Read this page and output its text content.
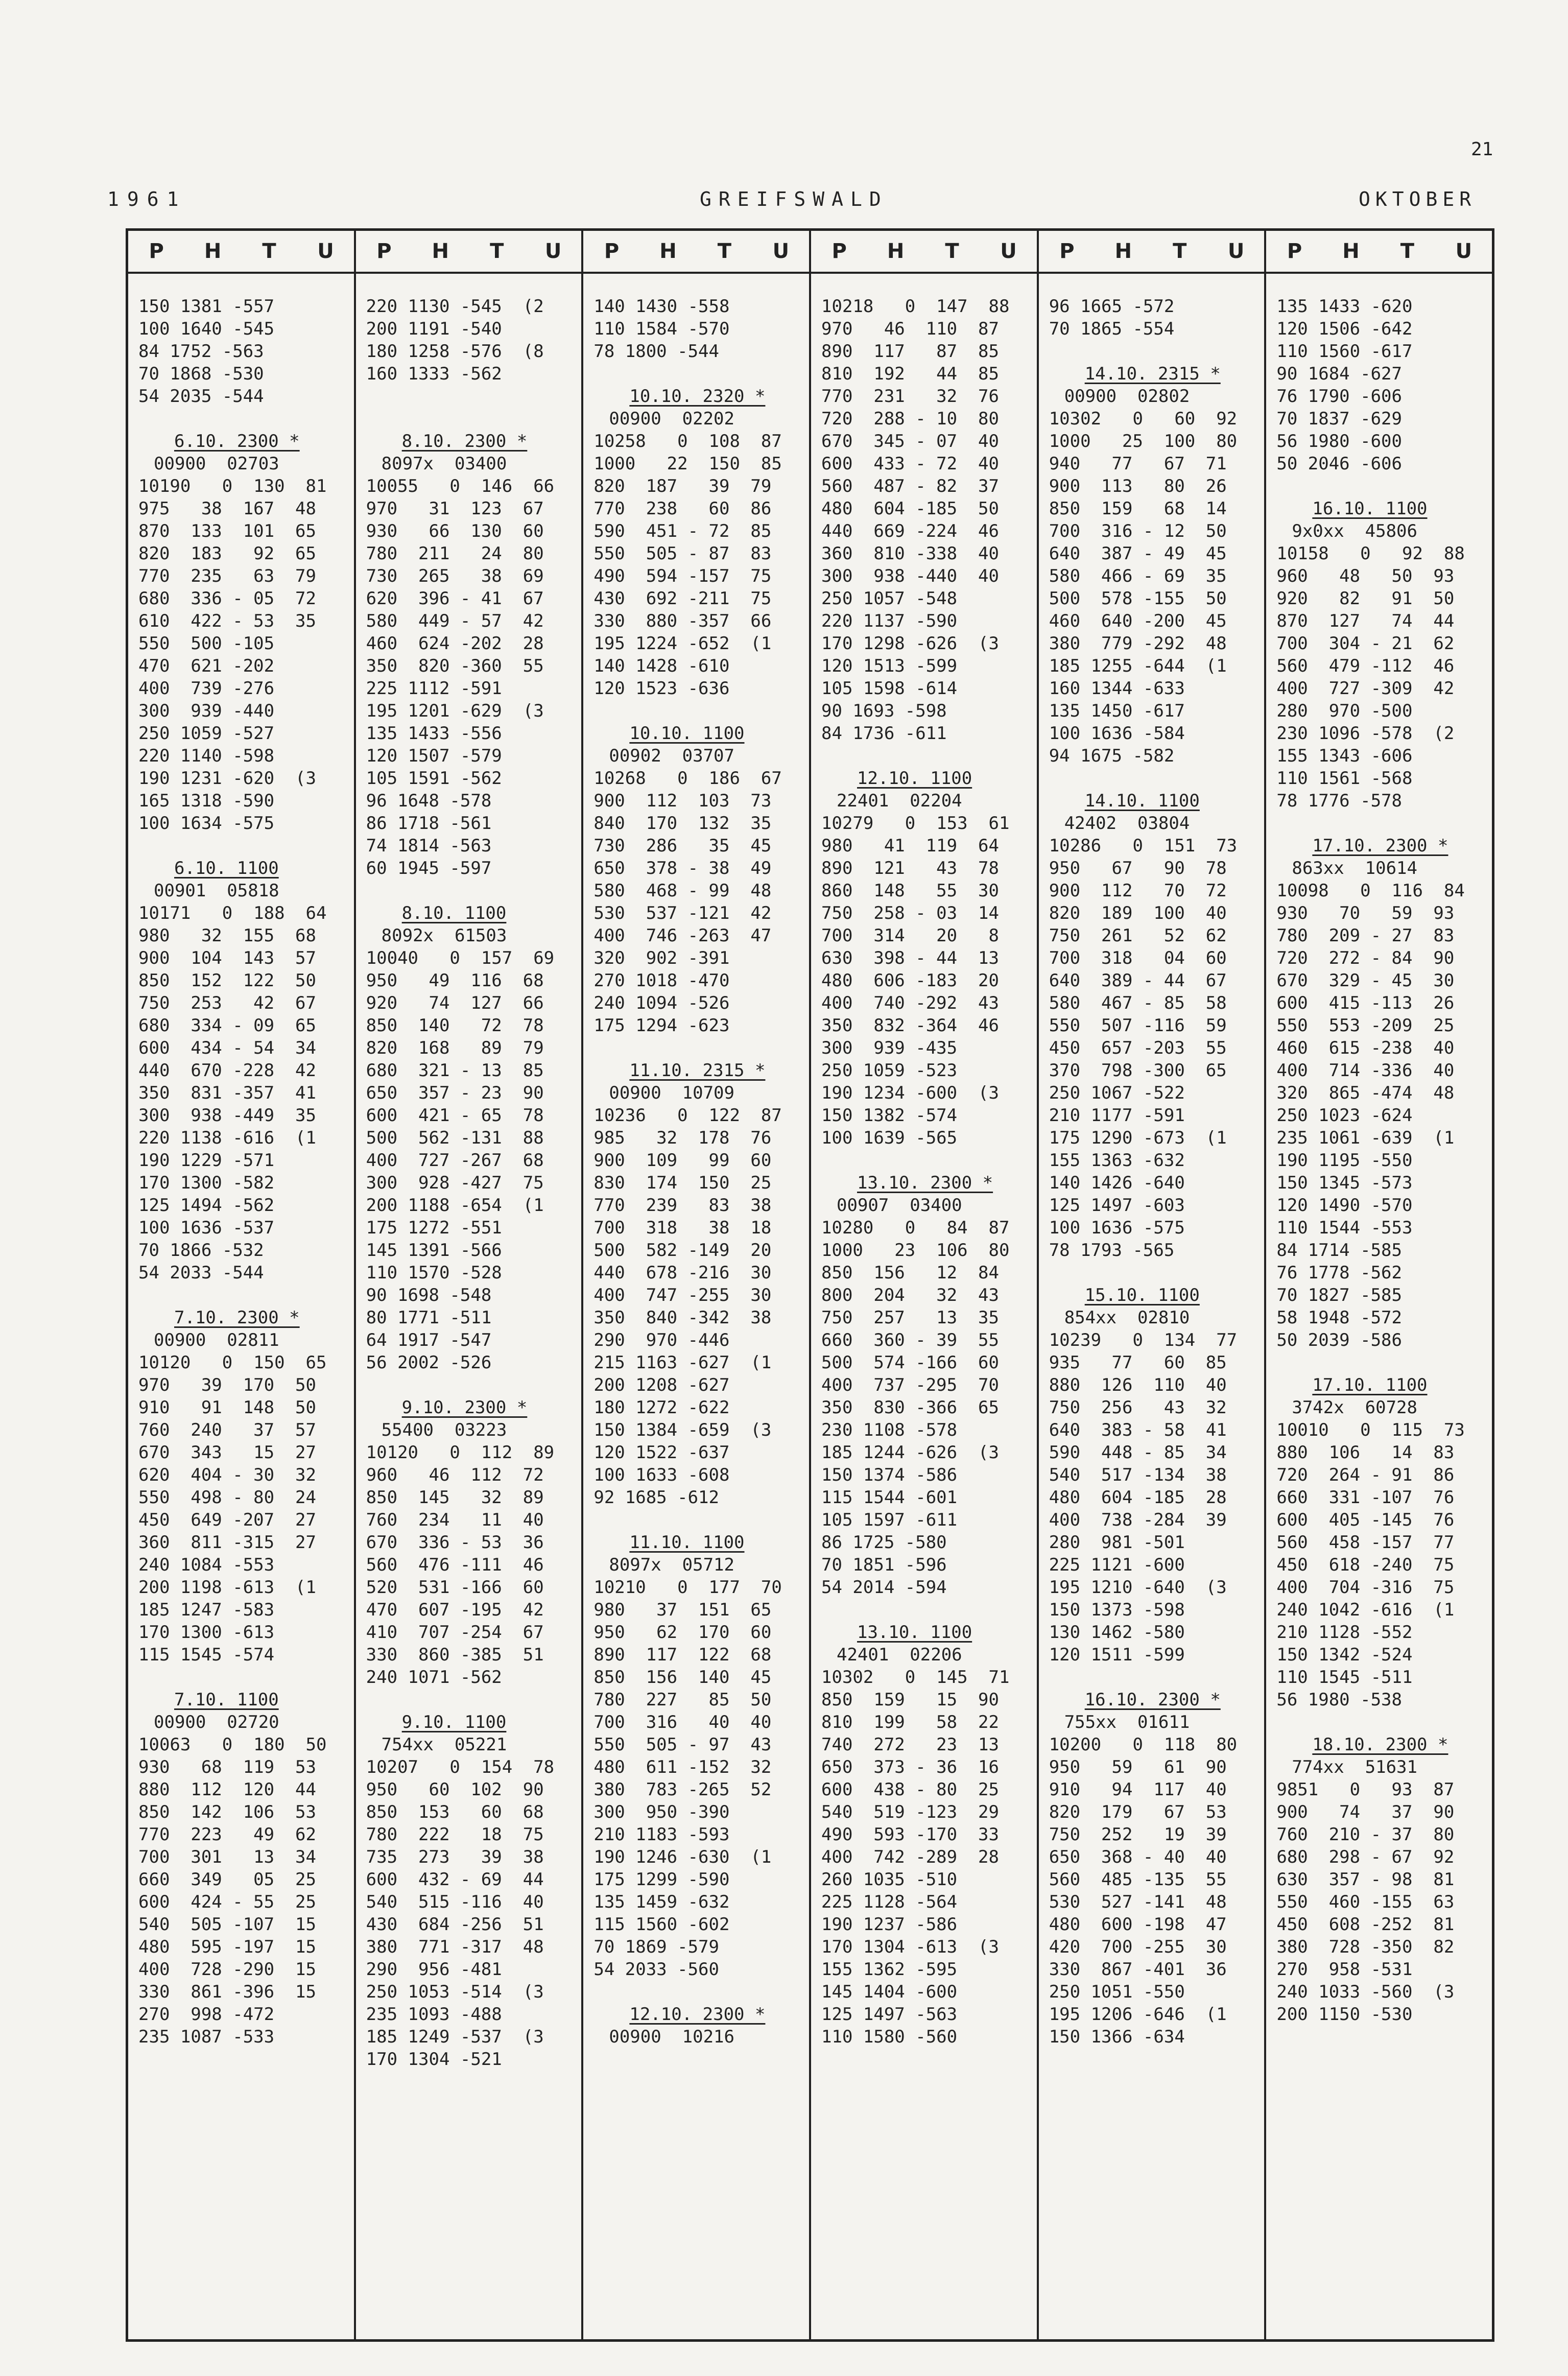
21
1961	GREIFSWALD	OKTOBER
P	H	T	U
150 1381 -557
100 1640 -545
84 1752 -563
70 1868 -530
54 2035 -544
6.10. 2300 *
00900  02703
10190   0  130  81
975   38  167  48
870  133  101  65
820  183   92  65
770  235   63  79
680  336 - 05  72
610  422 - 53  35
550  500 -105
470  621 -202
400  739 -276
300  939 -440
250 1059 -527
220 1140 -598
190 1231 -620  (3
165 1318 -590
100 1634 -575
6.10. 1100
00901  05818
10171   0  188  64
980   32  155  68
900  104  143  57
850  152  122  50
750  253   42  67
680  334 - 09  65
600  434 - 54  34
440  670 -228  42
350  831 -357  41
300  938 -449  35
220 1138 -616  (1
190 1229 -571
170 1300 -582
125 1494 -562
100 1636 -537
70 1866 -532
54 2033 -544
7.10. 2300 *
00900  02811
10120   0  150  65
970   39  170  50
910   91  148  50
760  240   37  57
670  343   15  27
620  404 - 30  32
550  498 - 80  24
450  649 -207  27
360  811 -315  27
240 1084 -553
200 1198 -613  (1
185 1247 -583
170 1300 -613
115 1545 -574
7.10. 1100
00900  02720
10063   0  180  50
930   68  119  53
880  112  120  44
850  142  106  53
770  223   49  62
700  301   13  34
660  349   05  25
600  424 - 55  25
540  505 -107  15
480  595 -197  15
400  728 -290  15
330  861 -396  15
270  998 -472
235 1087 -533
P	H	T	U
220 1130 -545  (2
200 1191 -540
180 1258 -576  (8
160 1333 -562
8.10. 2300 *
8097x  03400
10055   0  146  66
970   31  123  67
930   66  130  60
780  211   24  80
730  265   38  69
620  396 - 41  67
580  449 - 57  42
460  624 -202  28
350  820 -360  55
225 1112 -591
195 1201 -629  (3
135 1433 -556
120 1507 -579
105 1591 -562
96 1648 -578
86 1718 -561
74 1814 -563
60 1945 -597
8.10. 1100
8092x  61503
10040   0  157  69
950   49  116  68
920   74  127  66
850  140   72  78
820  168   89  79
680  321 - 13  85
650  357 - 23  90
600  421 - 65  78
500  562 -131  88
400  727 -267  68
300  928 -427  75
200 1188 -654  (1
175 1272 -551
145 1391 -566
110 1570 -528
90 1698 -548
80 1771 -511
64 1917 -547
56 2002 -526
9.10. 2300 *
55400  03223
10120   0  112  89
960   46  112  72
850  145   32  89
760  234   11  40
670  336 - 53  36
560  476 -111  46
520  531 -166  60
470  607 -195  42
410  707 -254  67
330  860 -385  51
240 1071 -562
9.10. 1100
754xx  05221
10207   0  154  78
950   60  102  90
850  153   60  68
780  222   18  75
735  273   39  38
600  432 - 69  44
540  515 -116  40
430  684 -256  51
380  771 -317  48
290  956 -481
250 1053 -514  (3
235 1093 -488
185 1249 -537  (3
170 1304 -521
P	H	T	U
140 1430 -558
110 1584 -570
78 1800 -544
10.10. 2320 *
00900  02202
10258   0  108  87
1000   22  150  85
820  187   39  79
770  238   60  86
590  451 - 72  85
550  505 - 87  83
490  594 -157  75
430  692 -211  75
330  880 -357  66
195 1224 -652  (1
140 1428 -610
120 1523 -636
10.10. 1100
00902  03707
10268   0  186  67
900  112  103  73
840  170  132  35
730  286   35  45
650  378 - 38  49
580  468 - 99  48
530  537 -121  42
400  746 -263  47
320  902 -391
270 1018 -470
240 1094 -526
175 1294 -623
11.10. 2315 *
00900  10709
10236   0  122  87
985   32  178  76
900  109   99  60
830  174  150  25
770  239   83  38
700  318   38  18
500  582 -149  20
440  678 -216  30
400  747 -255  30
350  840 -342  38
290  970 -446
215 1163 -627  (1
200 1208 -627
180 1272 -622
150 1384 -659  (3
120 1522 -637
100 1633 -608
92 1685 -612
11.10. 1100
8097x  05712
10210   0  177  70
980   37  151  65
950   62  170  60
890  117  122  68
850  156  140  45
780  227   85  50
700  316   40  40
550  505 - 97  43
480  611 -152  32
380  783 -265  52
300  950 -390
210 1183 -593
190 1246 -630  (1
175 1299 -590
135 1459 -632
115 1560 -602
70 1869 -579
54 2033 -560
12.10. 2300 *
00900  10216
P	H	T	U
10218   0  147  88
970   46  110  87
890  117   87  85
810  192   44  85
770  231   32  76
720  288 - 10  80
670  345 - 07  40
600  433 - 72  40
560  487 - 82  37
480  604 -185  50
440  669 -224  46
360  810 -338  40
300  938 -440  40
250 1057 -548
220 1137 -590
170 1298 -626  (3
120 1513 -599
105 1598 -614
90 1693 -598
84 1736 -611
12.10. 1100
22401  02204
10279   0  153  61
980   41  119  64
890  121   43  78
860  148   55  30
750  258 - 03  14
700  314   20   8
630  398 - 44  13
480  606 -183  20
400  740 -292  43
350  832 -364  46
300  939 -435
250 1059 -523
190 1234 -600  (3
150 1382 -574
100 1639 -565
13.10. 2300 *
00907  03400
10280   0   84  87
1000   23  106  80
850  156   12  84
800  204   32  43
750  257   13  35
660  360 - 39  55
500  574 -166  60
400  737 -295  70
350  830 -366  65
230 1108 -578
185 1244 -626  (3
150 1374 -586
115 1544 -601
105 1597 -611
86 1725 -580
70 1851 -596
54 2014 -594
13.10. 1100
42401  02206
10302   0  145  71
850  159   15  90
810  199   58  22
740  272   23  13
650  373 - 36  16
600  438 - 80  25
540  519 -123  29
490  593 -170  33
400  742 -289  28
260 1035 -510
225 1128 -564
190 1237 -586
170 1304 -613  (3
155 1362 -595
145 1404 -600
125 1497 -563
110 1580 -560
P	H	T	U
96 1665 -572
70 1865 -554
14.10. 2315 *
00900  02802
10302   0   60  92
1000   25  100  80
940   77   67  71
900  113   80  26
850  159   68  14
700  316 - 12  50
640  387 - 49  45
580  466 - 69  35
500  578 -155  50
460  640 -200  45
380  779 -292  48
185 1255 -644  (1
160 1344 -633
135 1450 -617
100 1636 -584
94 1675 -582
14.10. 1100
42402  03804
10286   0  151  73
950   67   90  78
900  112   70  72
820  189  100  40
750  261   52  62
700  318   04  60
640  389 - 44  67
580  467 - 85  58
550  507 -116  59
450  657 -203  55
370  798 -300  65
250 1067 -522
210 1177 -591
175 1290 -673  (1
155 1363 -632
140 1426 -640
125 1497 -603
100 1636 -575
78 1793 -565
15.10. 1100
854xx  02810
10239   0  134  77
935   77   60  85
880  126  110  40
750  256   43  32
640  383 - 58  41
590  448 - 85  34
540  517 -134  38
480  604 -185  28
400  738 -284  39
280  981 -501
225 1121 -600
195 1210 -640  (3
150 1373 -598
130 1462 -580
120 1511 -599
16.10. 2300 *
755xx  01611
10200   0  118  80
950   59   61  90
910   94  117  40
820  179   67  53
750  252   19  39
650  368 - 40  40
560  485 -135  55
530  527 -141  48
480  600 -198  47
420  700 -255  30
330  867 -401  36
250 1051 -550
195 1206 -646  (1
150 1366 -634
P	H	T	U
135 1433 -620
120 1506 -642
110 1560 -617
90 1684 -627
76 1790 -606
70 1837 -629
56 1980 -600
50 2046 -606
16.10. 1100
9x0xx  45806
10158   0   92  88
960   48   50  93
920   82   91  50
870  127   74  44
700  304 - 21  62
560  479 -112  46
400  727 -309  42
280  970 -500
230 1096 -578  (2
155 1343 -606
110 1561 -568
78 1776 -578
17.10. 2300 *
863xx  10614
10098   0  116  84
930   70   59  93
780  209 - 27  83
720  272 - 84  90
670  329 - 45  30
600  415 -113  26
550  553 -209  25
460  615 -238  40
400  714 -336  40
320  865 -474  48
250 1023 -624
235 1061 -639  (1
190 1195 -550
150 1345 -573
120 1490 -570
110 1544 -553
84 1714 -585
76 1778 -562
70 1827 -585
58 1948 -572
50 2039 -586
17.10. 1100
3742x  60728
10010   0  115  73
880  106   14  83
720  264 - 91  86
660  331 -107  76
600  405 -145  76
560  458 -157  77
450  618 -240  75
400  704 -316  75
240 1042 -616  (1
210 1128 -552
150 1342 -524
110 1545 -511
56 1980 -538
18.10. 2300 *
774xx  51631
9851   0   93  87
900   74   37  90
760  210 - 37  80
680  298 - 67  92
630  357 - 98  81
550  460 -155  63
450  608 -252  81
380  728 -350  82
270  958 -531
240 1033 -560  (3
200 1150 -530
